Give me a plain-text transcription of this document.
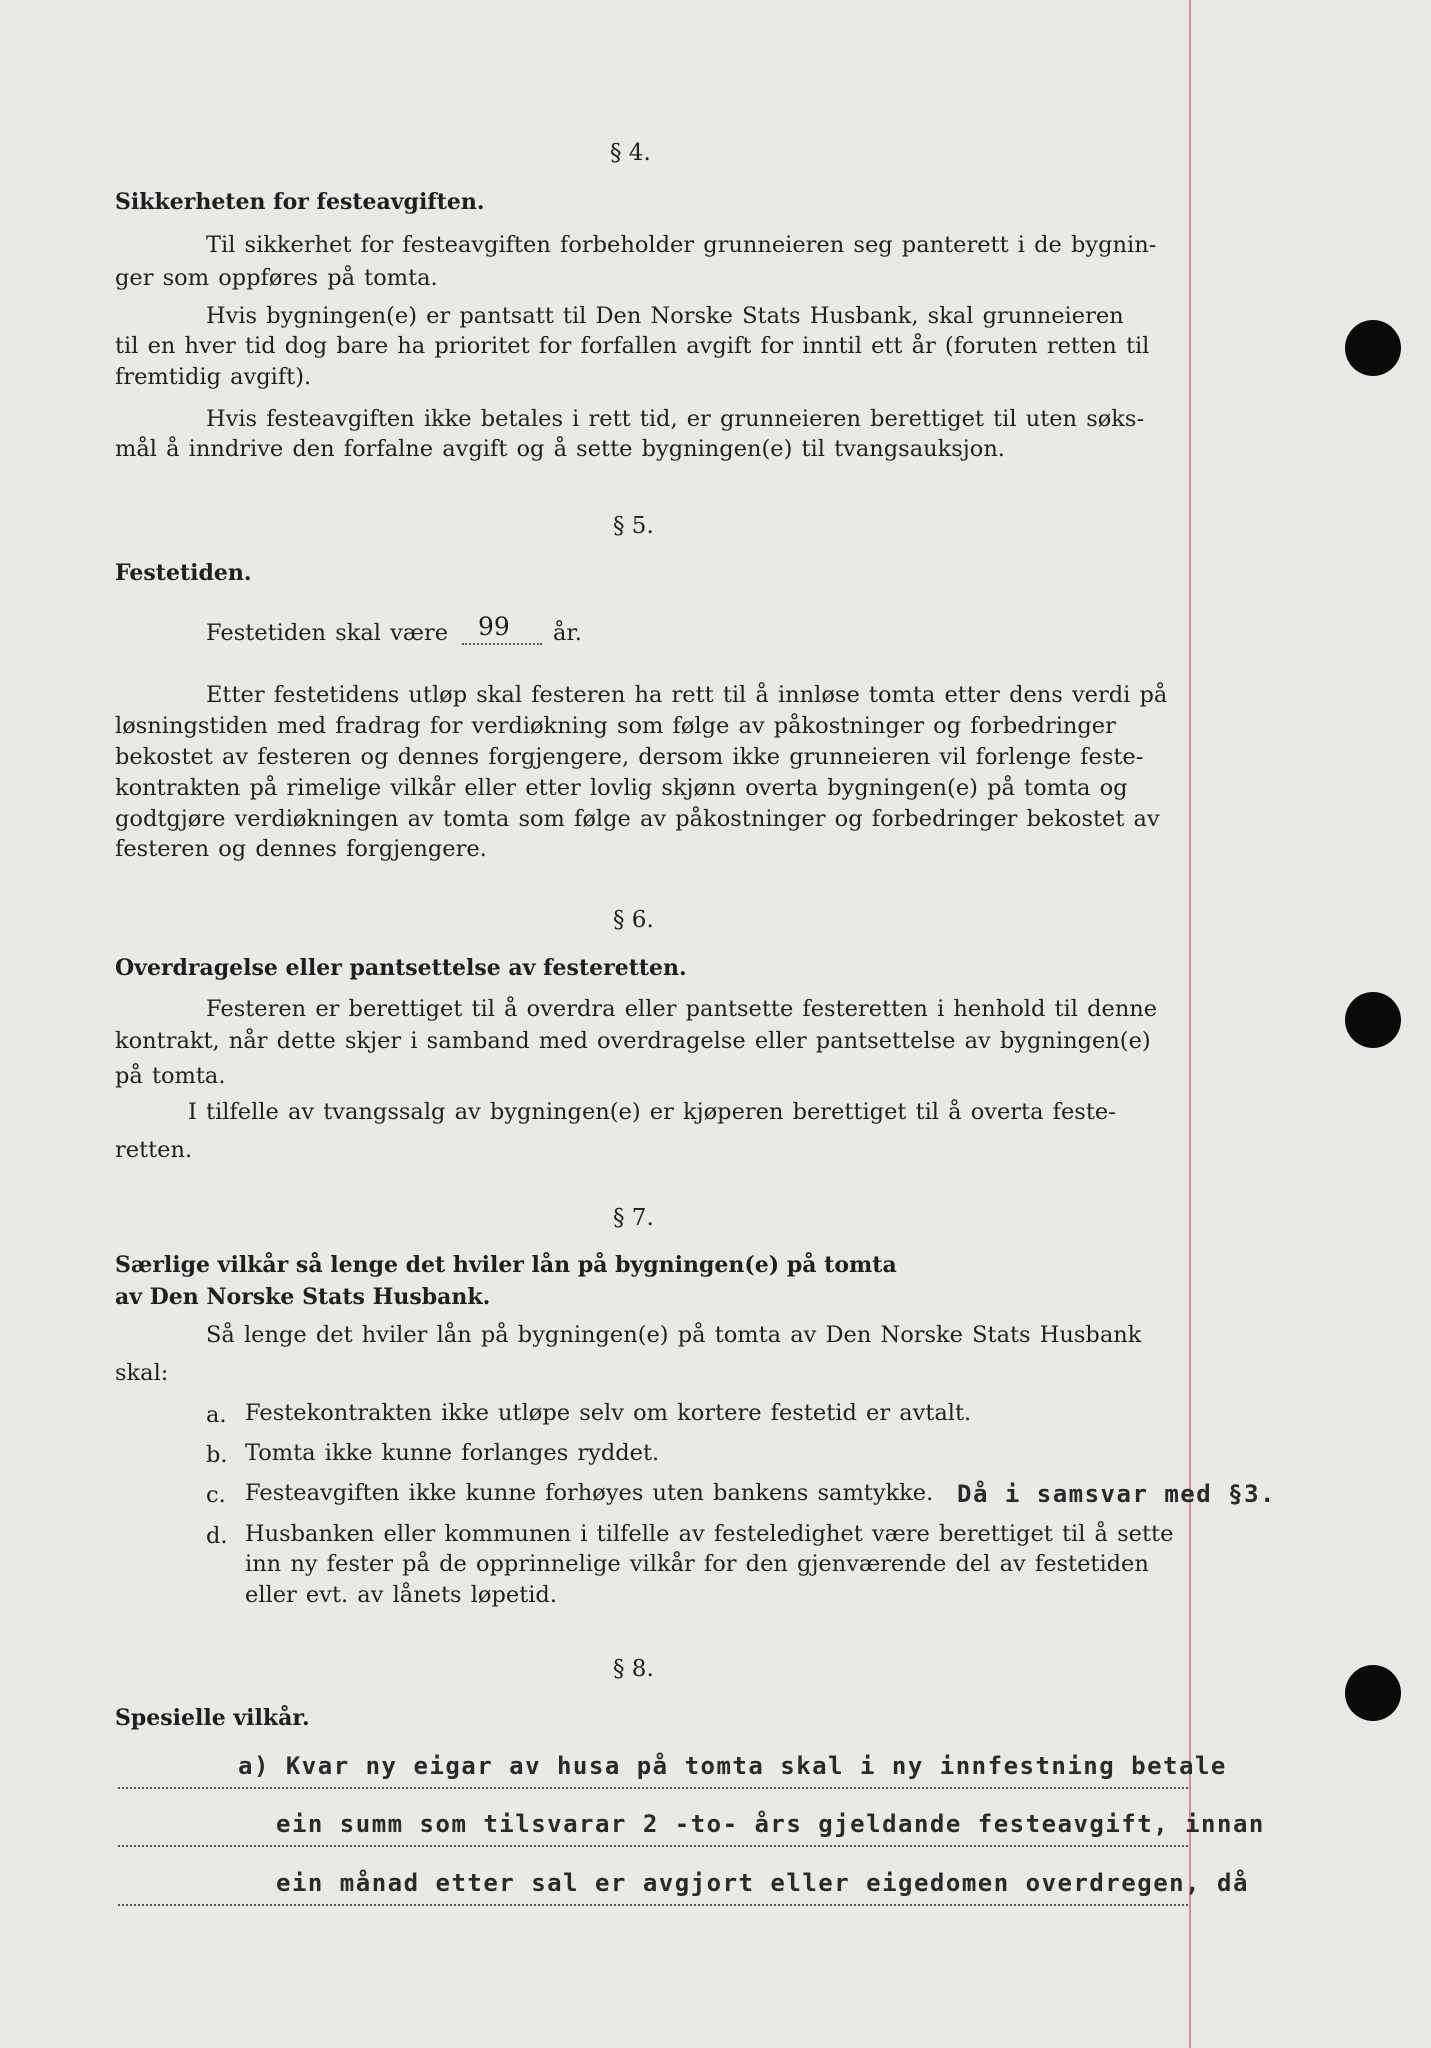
§ 4.
Sikkerheten for festeavgiften.
Til sikkerhet for festeavgiften forbeholder grunneieren seg panterett i de bygnin-
ger som oppføres på tomta.
Hvis bygningen(e) er pantsatt til Den Norske Stats Husbank, skal grunneieren
til en hver tid dog bare ha prioritet for forfallen avgift for inntil ett år (foruten retten til
fremtidig avgift).
Hvis festeavgiften ikke betales i rett tid, er grunneieren berettiget til uten søks-
mål å inndrive den forfalne avgift og å sette bygningen(e) til tvangsauksjon.
§ 5.
Festetiden.
Festetiden skal være 99 år.
Etter festetidens utløp skal festeren ha rett til å innløse tomta etter dens verdi på
løsningstiden med fradrag for verdiøkning som følge av påkostninger og forbedringer
bekostet av festeren og dennes forgjengere, dersom ikke grunneieren vil forlenge feste-
kontrakten på rimelige vilkår eller etter lovlig skjønn overta bygningen(e) på tomta og
godtgjøre verdiøkningen av tomta som følge av påkostninger og forbedringer bekostet av
festeren og dennes forgjengere.
§ 6.
Overdragelse eller pantsettelse av festeretten.
Festeren er berettiget til å overdra eller pantsette festeretten i henhold til denne
kontrakt, når dette skjer i samband med overdragelse eller pantsettelse av bygningen(e)
på tomta.
I tilfelle av tvangssalg av bygningen(e) er kjøperen berettiget til å overta feste-
retten.
§ 7.
Særlige vilkår så lenge det hviler lån på bygningen(e) på tomta
av Den Norske Stats Husbank.
Så lenge det hviler lån på bygningen(e) på tomta av Den Norske Stats Husbank
skal:
a. Festekontrakten ikke utløpe selv om kortere festetid er avtalt.
b. Tomta ikke kunne forlanges ryddet.
c. Festeavgiften ikke kunne forhøyes uten bankens samtykke. Då i samsvar med §3.
d. Husbanken eller kommunen i tilfelle av festeledighet være berettiget til å sette
inn ny fester på de opprinnelige vilkår for den gjenværende del av festetiden
eller evt. av lånets løpetid.
§ 8.
Spesielle vilkår.
a) Kvar ny eigar av husa på tomta skal i ny innfestning betale
ein summ som tilsvarar 2 -to- års gjeldande festeavgift, innan
ein månad etter sal er avgjort eller eigedomen overdregen, då
